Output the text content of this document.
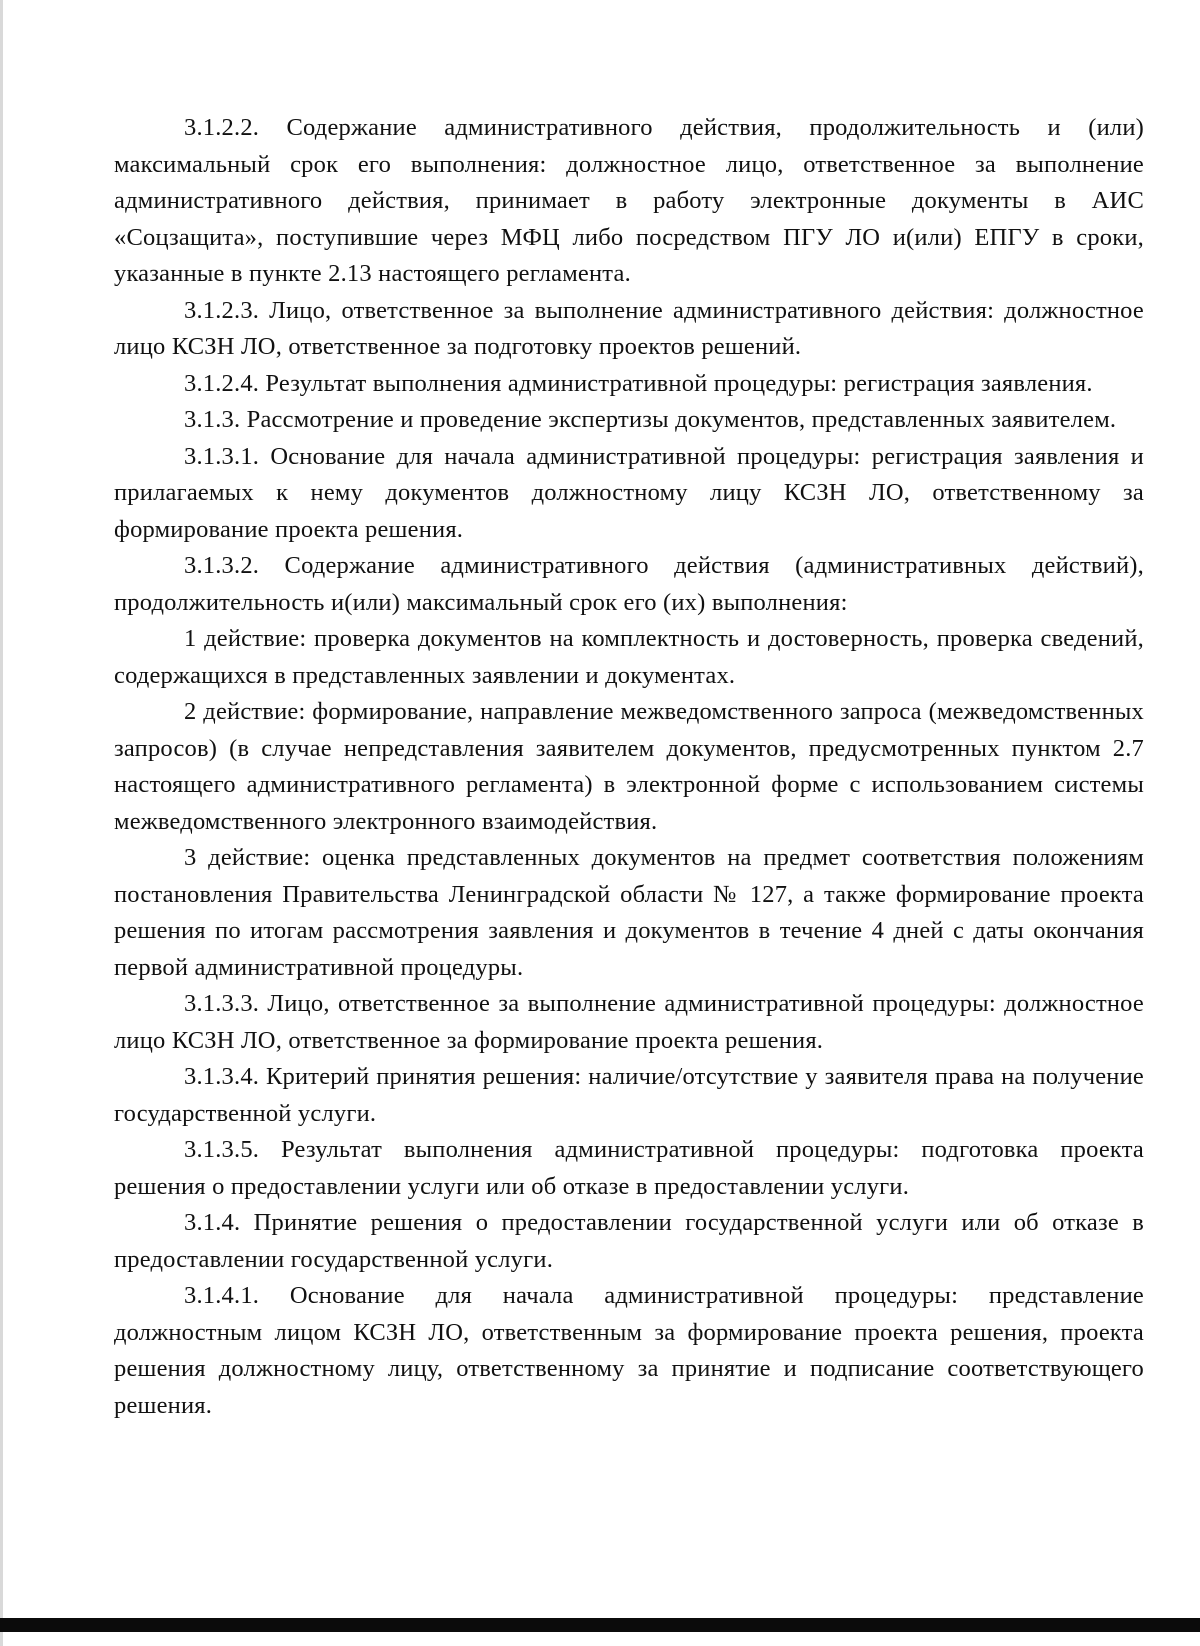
3.1.2.2. Содержание административного действия, продолжительность и (или) максимальный срок его выполнения: должностное лицо, ответственное за выполнение административного действия, принимает в работу электронные документы в АИС «Соцзащита», поступившие через МФЦ либо посредством ПГУ ЛО и(или) ЕПГУ в сроки, указанные в пункте 2.13 настоящего регламента.

3.1.2.3. Лицо, ответственное за выполнение административного действия: должностное лицо КСЗН ЛО, ответственное за подготовку проектов решений.

3.1.2.4. Результат выполнения административной процедуры: регистрация заявления.

3.1.3. Рассмотрение и проведение экспертизы документов, представленных заявителем.

3.1.3.1. Основание для начала административной процедуры: регистрация заявления и прилагаемых к нему документов должностному лицу КСЗН ЛО, ответственному за формирование проекта решения.

3.1.3.2. Содержание административного действия (административных действий), продолжительность и(или) максимальный срок его (их) выполнения:

1 действие: проверка документов на комплектность и достоверность, проверка сведений, содержащихся в представленных заявлении и документах.

2 действие: формирование, направление межведомственного запроса (межведомственных запросов) (в случае непредставления заявителем документов, предусмотренных пунктом 2.7 настоящего административного регламента) в электронной форме с использованием системы межведомственного электронного взаимодействия.

3 действие: оценка представленных документов на предмет соответствия положениям постановления Правительства Ленинградской области № 127, а также формирование проекта решения по итогам рассмотрения заявления и документов в течение 4 дней с даты окончания первой административной процедуры.

3.1.3.3. Лицо, ответственное за выполнение административной процедуры: должностное лицо КСЗН ЛО, ответственное за формирование проекта решения.

3.1.3.4. Критерий принятия решения: наличие/отсутствие у заявителя права на получение государственной услуги.

3.1.3.5. Результат выполнения административной процедуры: подготовка проекта решения о предоставлении услуги или об отказе в предоставлении услуги.

3.1.4. Принятие решения о предоставлении государственной услуги или об отказе в предоставлении государственной услуги.

3.1.4.1. Основание для начала административной процедуры: представление должностным лицом КСЗН ЛО, ответственным за формирование проекта решения, проекта решения должностному лицу, ответственному за принятие и подписание соответствующего решения.
